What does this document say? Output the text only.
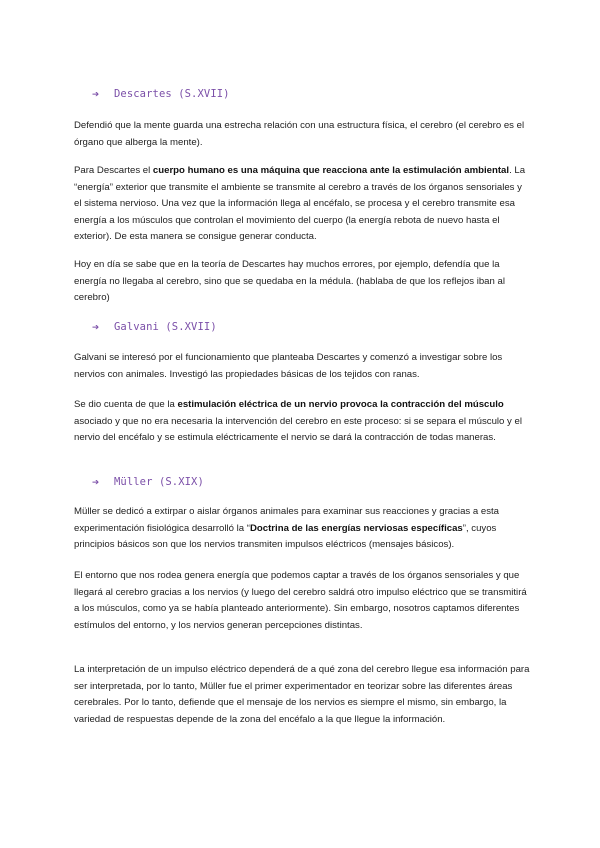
➔	Descartes (S.XVII)

Defendió que la mente guarda una estrecha relación con una estructura física, el cerebro (el cerebro es el órgano que alberga la mente).

Para Descartes el cuerpo humano es una máquina que reacciona ante la estimulación ambiental. La “energía” exterior que transmite el ambiente se transmite al cerebro a través de los órganos sensoriales y el sistema nervioso. Una vez que la información llega al encéfalo, se procesa y el cerebro transmite esa energía a los músculos que controlan el movimiento del cuerpo (la energía rebota de nuevo hasta el exterior). De esta manera se consigue generar conducta.

Hoy en día se sabe que en la teoría de Descartes hay muchos errores, por ejemplo, defendía que la energía no llegaba al cerebro, sino que se quedaba en la médula. (hablaba de que los reflejos iban al cerebro)

➔	Galvani (S.XVII)

Galvani se interesó por el funcionamiento que planteaba Descartes y comenzó a investigar sobre los nervios con animales. Investigó las propiedades básicas de los tejidos con ranas.

Se dio cuenta de que la estimulación eléctrica de un nervio provoca la contracción del músculo asociado y que no era necesaria la intervención del cerebro en este proceso: si se separa el músculo y el nervio del encéfalo y se estimula eléctricamente el nervio se dará la contracción de todas maneras.

➔	Müller (S.XIX)

Müller se dedicó a extirpar o aislar órganos animales para examinar sus reacciones y gracias a esta experimentación fisiológica desarrolló la “Doctrina de las energías nerviosas específicas”, cuyos principios básicos son que los nervios transmiten impulsos eléctricos (mensajes básicos).

El entorno que nos rodea genera energía que podemos captar a través de los órganos sensoriales y que llegará al cerebro gracias a los nervios (y luego del cerebro saldrá otro impulso eléctrico que se transmitirá a los músculos, como ya se había planteado anteriormente). Sin embargo, nosotros captamos diferentes estímulos del entorno, y los nervios generan percepciones distintas.

La interpretación de un impulso eléctrico dependerá de a qué zona del cerebro llegue esa información para ser interpretada, por lo tanto, Müller fue el primer experimentador en teorizar sobre las diferentes áreas cerebrales. Por lo tanto, defiende que el mensaje de los nervios es siempre el mismo, sin embargo, la variedad de respuestas depende de la zona del encéfalo a la que llegue la información.
